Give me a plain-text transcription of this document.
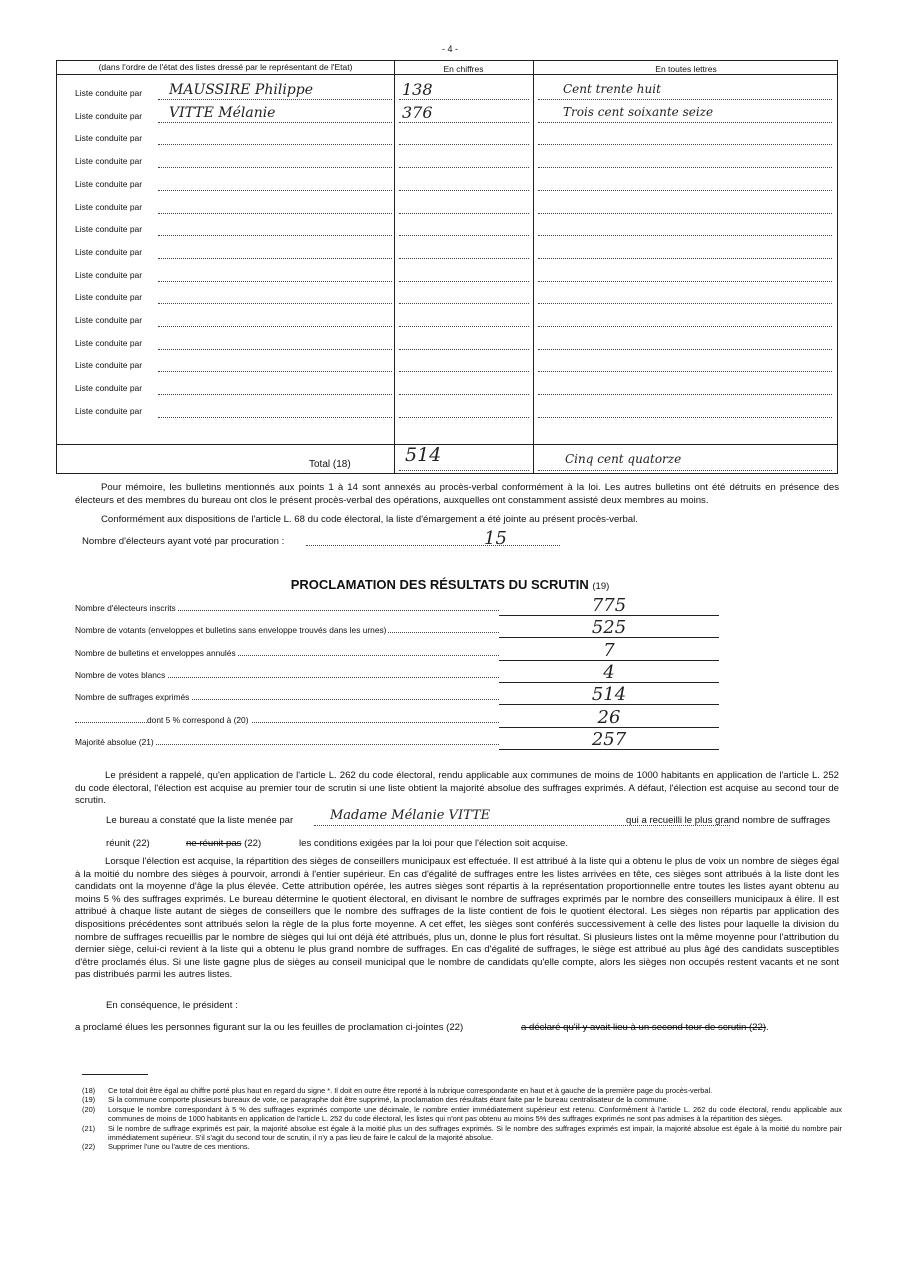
- 4 -
(dans l'ordre de l'état des listes dressé par le représentant de l'Etat)	En chiffres	En toutes lettres
Liste conduite par MAUSSIRE Philippe	138	Cent trente huit
Liste conduite par VITTE Mélanie	376	Trois cent soixante seize
Liste conduite par
Liste conduite par
Liste conduite par
Liste conduite par
Liste conduite par
Liste conduite par
Liste conduite par
Liste conduite par
Liste conduite par
Liste conduite par
Liste conduite par
Liste conduite par
Liste conduite par
Total (18)	514	Cinq cent quatorze
Pour mémoire, les bulletins mentionnés aux points 1 à 14 sont annexés au procès-verbal conformément à la loi. Les autres bulletins ont été détruits en présence des électeurs et des membres du bureau ont clos le présent procès-verbal des opérations, auxquelles ont constamment assisté deux membres au moins.
Conformément aux dispositions de l'article L. 68 du code électoral, la liste d'émargement a été jointe au présent procès-verbal.
Nombre d'électeurs ayant voté par procuration :	15
PROCLAMATION DES RÉSULTATS DU SCRUTIN (19)
Nombre d'électeurs inscrits	775
Nombre de votants (enveloppes et bulletins sans enveloppe trouvés dans les urnes)	525
Nombre de bulletins et enveloppes annulés	7
Nombre de votes blancs	4
Nombre de suffrages exprimés	514
dont 5 % correspond à (20)	26
Majorité absolue (21)	257
Le président a rappelé, qu'en application de l'article L. 262 du code électoral, rendu applicable aux communes de moins de 1000 habitants en application de l'article L. 252 du code électoral, l'élection est acquise au premier tour de scrutin si une liste obtient la majorité absolue des suffrages exprimés. A défaut, l'élection est acquise au second tour de scrutin.
Le bureau a constaté que la liste menée par	Madame Mélanie VITTE	qui a recueilli le plus grand nombre de suffrages
réunit (22)	ne réunit pas (22)	les conditions exigées par la loi pour que l'élection soit acquise.
Lorsque l'élection est acquise, la répartition des sièges de conseillers municipaux est effectuée. Il est attribué à la liste qui a obtenu le plus de voix un nombre de sièges égal à la moitié du nombre des sièges à pourvoir, arrondi à l'entier supérieur. En cas d'égalité de suffrages entre les listes arrivées en tête, ces sièges sont attribués à la liste dont les candidats ont la moyenne d'âge la plus élevée. Cette attribution opérée, les autres sièges sont répartis à la représentation proportionnelle entre toutes les listes ayant obtenu au moins 5 % des suffrages exprimés. Le bureau détermine le quotient électoral, en divisant le nombre de suffrages exprimés par le nombre des conseillers municipaux à élire. Il est attribué à chaque liste autant de sièges de conseillers que le nombre des suffrages de la liste contient de fois le quotient électoral. Les sièges non répartis par application des dispositions précédentes sont attribués selon la règle de la plus forte moyenne. A cet effet, les sièges sont conférés successivement à celle des listes pour laquelle la division du nombre de suffrages recueillis par le nombre de sièges qui lui ont déjà été attribués, plus un, donne le plus fort résultat. Si plusieurs listes ont la même moyenne pour l'attribution du dernier siège, celui-ci revient à la liste qui a obtenu le plus grand nombre de suffrages. En cas d'égalité de suffrages, le siège est attribué au plus âgé des candidats susceptibles d'être proclamés élus. Si une liste gagne plus de sièges au conseil municipal que le nombre de candidats qu'elle compte, alors les sièges non occupés restent vacants et ne sont pas distribués parmi les autres listes.
En conséquence, le président :
a proclamé élues les personnes figurant sur la ou les feuilles de proclamation ci-jointes (22)	a déclaré qu'il y avait lieu à un second tour de scrutin (22).
(18)	Ce total doit être égal au chiffre porté plus haut en regard du signe *. Il doit en outre être reporté à la rubrique correspondante en haut et à gauche de la première page du procès-verbal.
(19)	Si la commune comporte plusieurs bureaux de vote, ce paragraphe doit être supprimé, la proclamation des résultats étant faite par le bureau centralisateur de la commune.
(20)	Lorsque le nombre correspondant à 5 % des suffrages exprimés comporte une décimale, le nombre entier immédiatement supérieur est retenu. Conformément à l'article L. 262 du code électoral, rendu applicable aux communes de moins de 1000 habitants en application de l'article L. 252 du code électoral, les listes qui n'ont pas obtenu au moins 5% des suffrages exprimés ne sont pas admises à la répartition des sièges.
(21)	Si le nombre de suffrage exprimés est pair, la majorité absolue est égale à la moitié plus un des suffrages exprimés. Si le nombre des suffrages exprimés est impair, la majorité absolue est égale à la moitié du nombre pair immédiatement supérieur. S'il s'agit du second tour de scrutin, il n'y a pas lieu de faire le calcul de la majorité absolue.
(22)	Supprimer l'une ou l'autre de ces mentions.
